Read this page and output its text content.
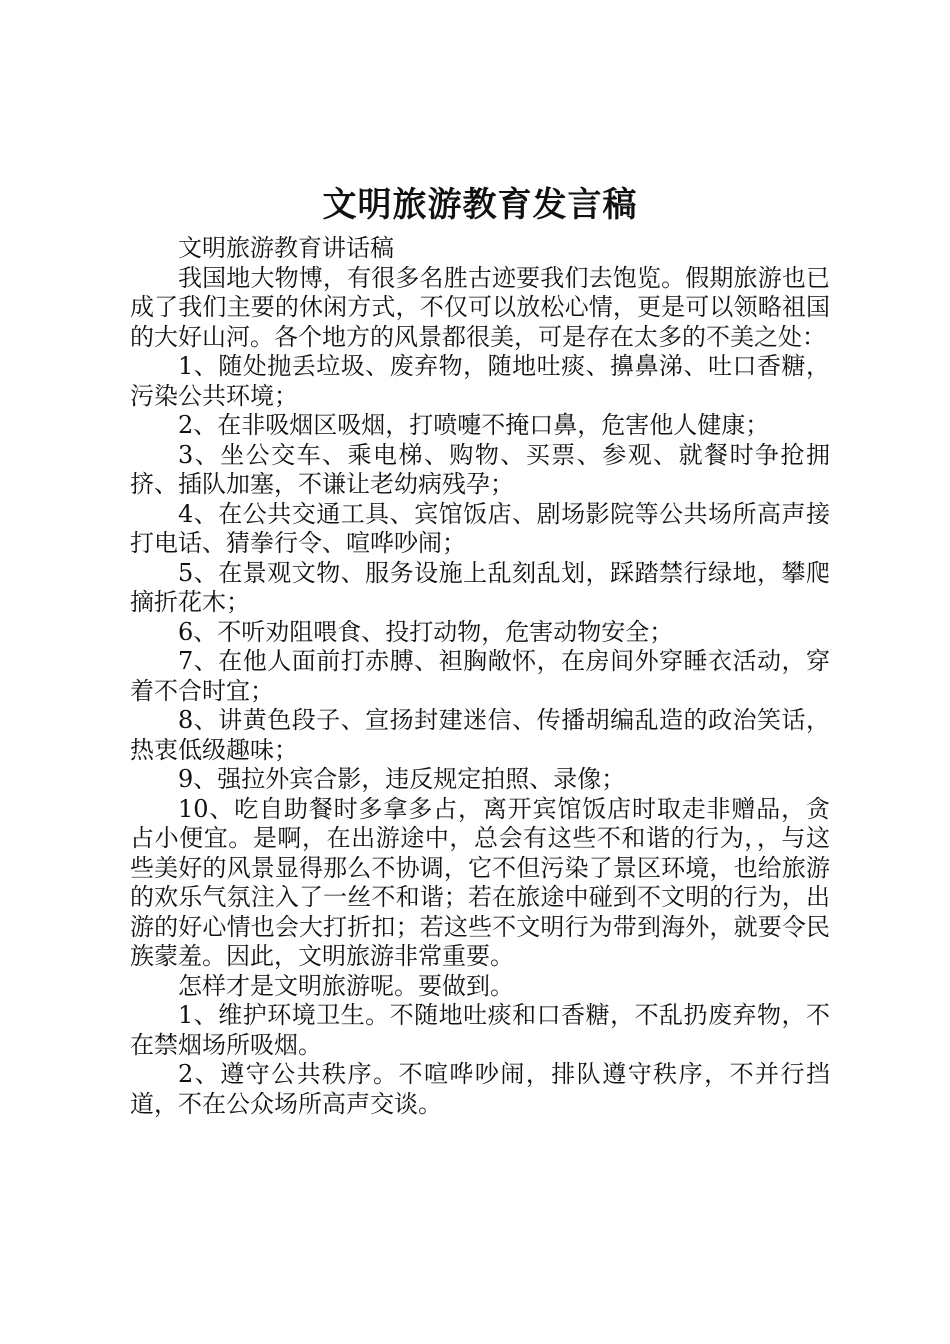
文明旅游教育发言稿

文明旅游教育讲话稿

我国地大物博，有很多名胜古迹要我们去饱览。假期旅游也已成了我们主要的休闲方式，不仅可以放松心情，更是可以领略祖国的大好山河。各个地方的风景都很美，可是存在太多的不美之处：

1、随处抛丢垃圾、废弃物，随地吐痰、擤鼻涕、吐口香糖，污染公共环境；

2、在非吸烟区吸烟，打喷嚏不掩口鼻，危害他人健康；

3、坐公交车、乘电梯、购物、买票、参观、就餐时争抢拥挤、插队加塞，不谦让老幼病残孕；

4、在公共交通工具、宾馆饭店、剧场影院等公共场所高声接打电话、猜拳行令、喧哗吵闹；

5、在景观文物、服务设施上乱刻乱划，踩踏禁行绿地，攀爬摘折花木；

6、不听劝阻喂食、投打动物，危害动物安全；

7、在他人面前打赤膊、袒胸敞怀，在房间外穿睡衣活动，穿着不合时宜；

8、讲黄色段子、宣扬封建迷信、传播胡编乱造的政治笑话，热衷低级趣味；

9、强拉外宾合影，违反规定拍照、录像；

10、吃自助餐时多拿多占，离开宾馆饭店时取走非赠品，贪占小便宜。是啊，在出游途中，总会有这些不和谐的行为，，与这些美好的风景显得那么不协调，它不但污染了景区环境，也给旅游的欢乐气氛注入了一丝不和谐；若在旅途中碰到不文明的行为，出游的好心情也会大打折扣；若这些不文明行为带到海外，就要令民族蒙羞。因此，文明旅游非常重要。

怎样才是文明旅游呢。要做到。

1、维护环境卫生。不随地吐痰和口香糖，不乱扔废弃物，不在禁烟场所吸烟。

2、遵守公共秩序。不喧哗吵闹，排队遵守秩序，不并行挡道，不在公众场所高声交谈。
